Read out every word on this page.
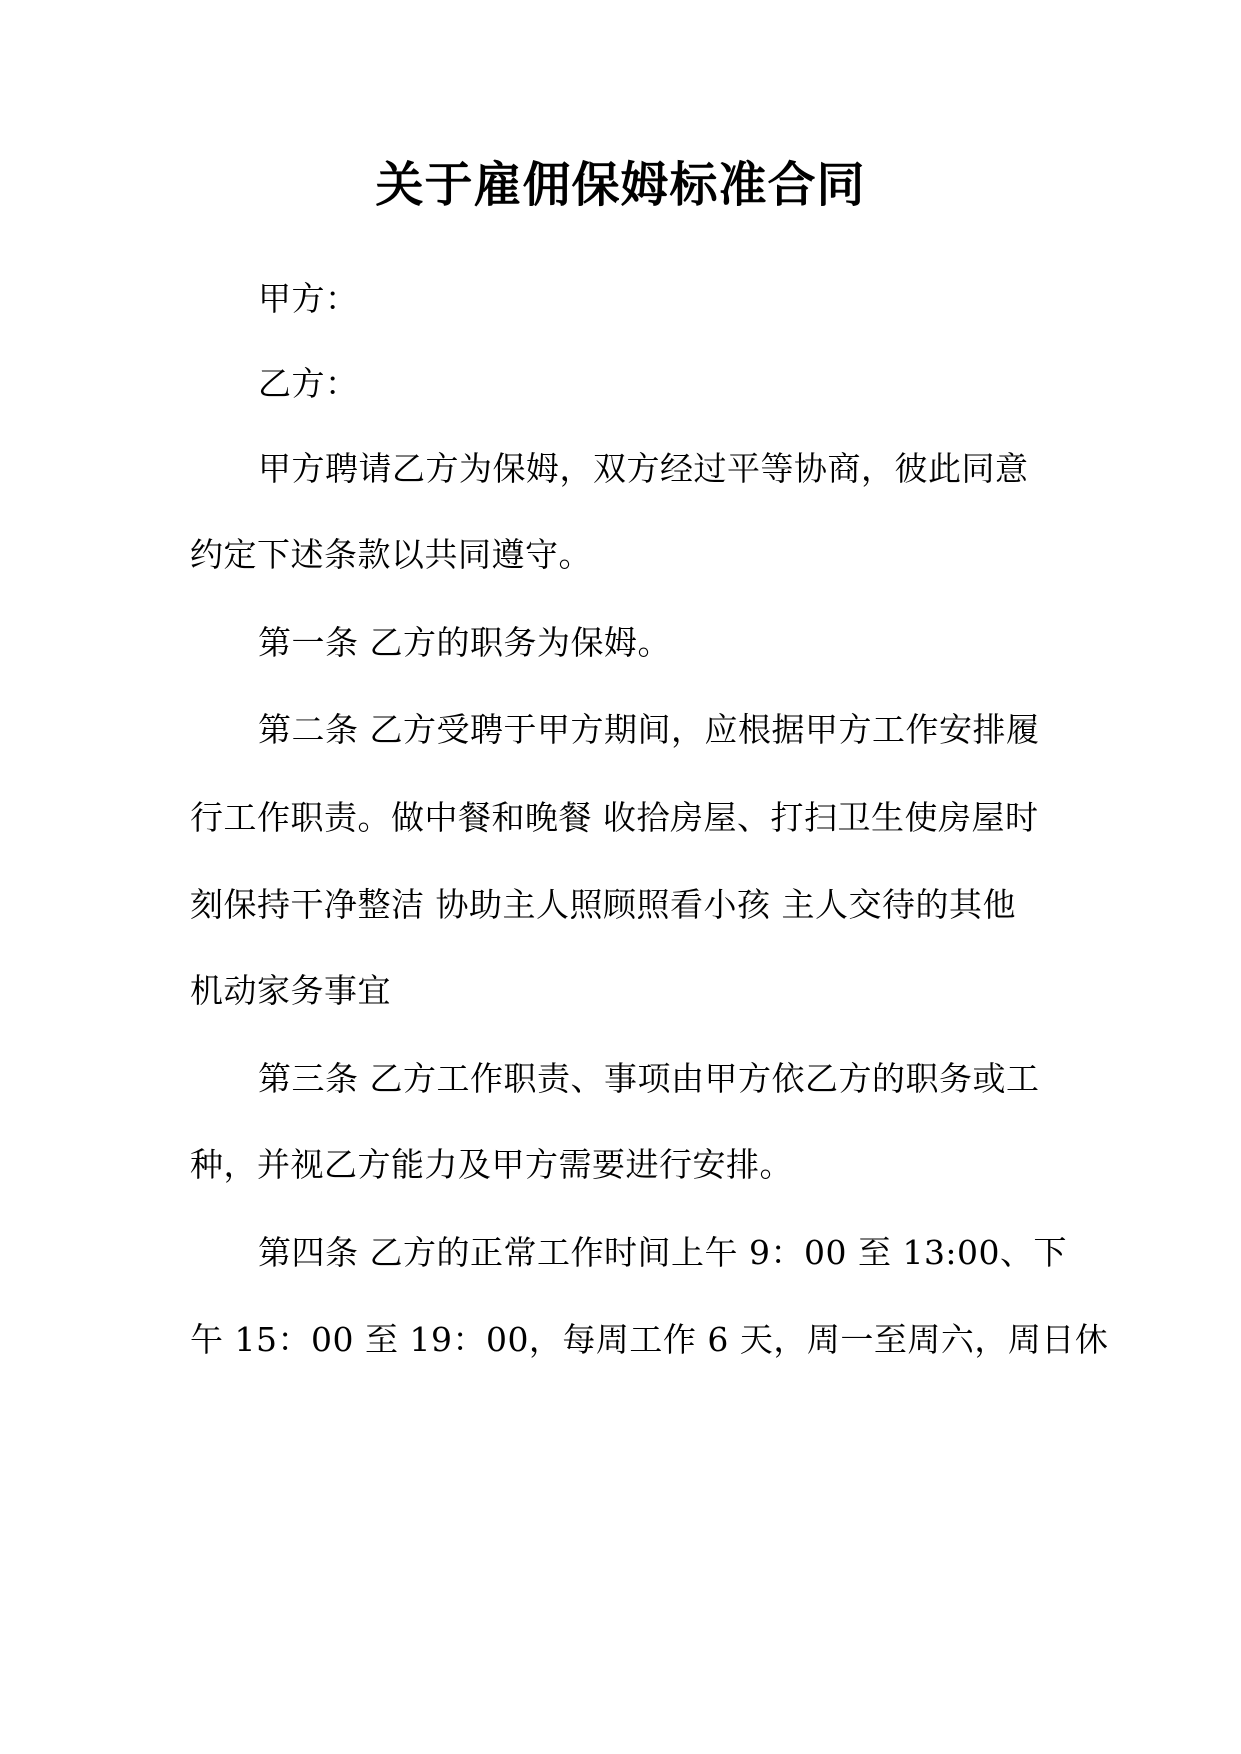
关于雇佣保姆标准合同
甲方：
乙方：
甲方聘请乙方为保姆，双方经过平等协商，彼此同意
约定下述条款以共同遵守。
第一条 乙方的职务为保姆。
第二条 乙方受聘于甲方期间，应根据甲方工作安排履
行工作职责。做中餐和晚餐 收拾房屋、打扫卫生使房屋时
刻保持干净整洁 协助主人照顾照看小孩 主人交待的其他
机动家务事宜
第三条 乙方工作职责、事项由甲方依乙方的职务或工
种，并视乙方能力及甲方需要进行安排。
第四条 乙方的正常工作时间上午 9：00 至 13:00、下
午 15：00 至 19：00，每周工作 6 天，周一至周六，周日休
